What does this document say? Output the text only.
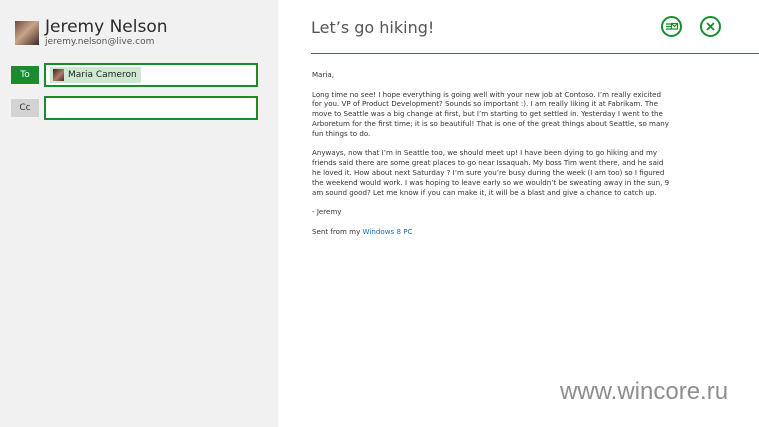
Jeremy Nelson
jeremy.nelson@live.com
To	Maria Cameron
Cc
Let’s go hiking!

Maria,

Long time no see! I hope everything is going well with your new job at Contoso. I’m really exicited for you. VP of Product Development? Sounds so important :). I am really liking it at Fabrikam. The move to Seattle was a big change at first, but I’m starting to get settled in. Yesterday I went to the Arboretum for the first time; it is so beautiful! That is one of the great things about Seattle, so many fun things to do.

Anyways, now that I’m in Seattle too, we should meet up! I have been dying to go hiking and my friends said there are some great places to go near Issaquah. My boss Tim went there, and he said he loved it. How about next Saturday ? I’m sure you’re busy during the week (I am too) so I figured the weekend would work. I was hoping to leave early so we wouldn’t be sweating away in the sun, 9 am sound good? Let me know if you can make it, it will be a blast and give a chance to catch up.

- Jeremy

Sent from my Windows 8 PC

www.wincore.ru
